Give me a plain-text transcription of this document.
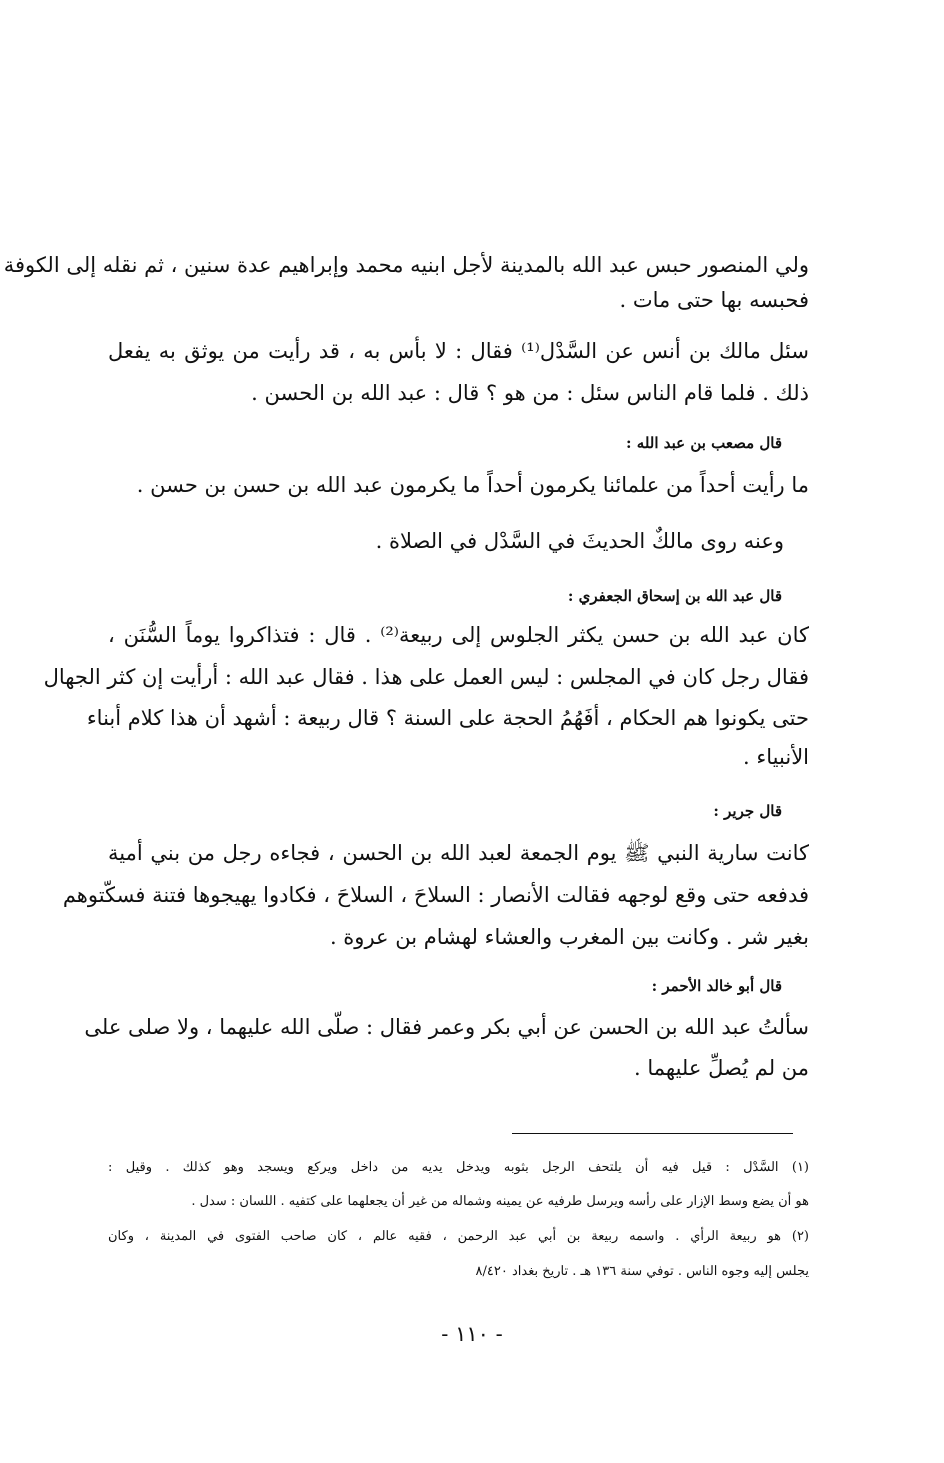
ولي المنصور حبس عبد الله بالمدينة لأجل ابنيه محمد وإبراهيم عدة سنين ، ثم نقله إلى الكوفة
فحبسه بها حتى مات .
سئل مالك بن أنس عن السَّدْل⁽¹⁾ فقال : لا بأس به ، قد رأيت من يوثق به يفعل
ذلك . فلما قام الناس سئل : من هو ؟ قال : عبد الله بن الحسن .
قال مصعب بن عبد الله :
ما رأيت أحداً من علمائنا يكرمون أحداً ما يكرمون عبد الله بن حسن بن حسن .
وعنه روى مالكٌ الحديثَ في السَّدْل في الصلاة .
قال عبد الله بن إسحاق الجعفري :
كان عبد الله بن حسن يكثر الجلوس إلى ربيعة⁽²⁾ . قال : فتذاكروا يوماً السُّنَن ،
فقال رجل كان في المجلس : ليس العمل على هذا . فقال عبد الله : أرأيت إن كثر الجهال
حتى يكونوا هم الحكام ، أفَهُمُ الحجة على السنة ؟ قال ربيعة : أشهد أن هذا كلام أبناء
الأنبياء .
قال جرير :
كانت سارية النبي ﷺ يوم الجمعة لعبد الله بن الحسن ، فجاءه رجل من بني أمية
فدفعه حتى وقع لوجهه فقالت الأنصار : السلاحَ ، السلاحَ ، فكادوا يهيجوها فتنة فسكّتوهم
بغير شر . وكانت بين المغرب والعشاء لهشام بن عروة .
قال أبو خالد الأحمر :
سألتُ عبد الله بن الحسن عن أبي بكر وعمر فقال : صلّى الله عليهما ، ولا صلى على
من لم يُصلِّ عليهما .
(١) السَّدْل : قيل فيه أن يلتحف الرجل بثوبه ويدخل يديه من داخل ويركع ويسجد وهو كذلك . وقيل :
هو أن يضع وسط الإزار على رأسه ويرسل طرفيه عن يمينه وشماله من غير أن يجعلهما على كتفيه . اللسان : سدل .
(٢) هو ربيعة الرأي . واسمه ربيعة بن أبي عبد الرحمن ، فقيه عالم ، كان صاحب الفتوى في المدينة ، وكان
يجلس إليه وجوه الناس . توفي سنة ١٣٦ هـ . تاريخ بغداد ٨/٤٢٠
- ١١٠ -
